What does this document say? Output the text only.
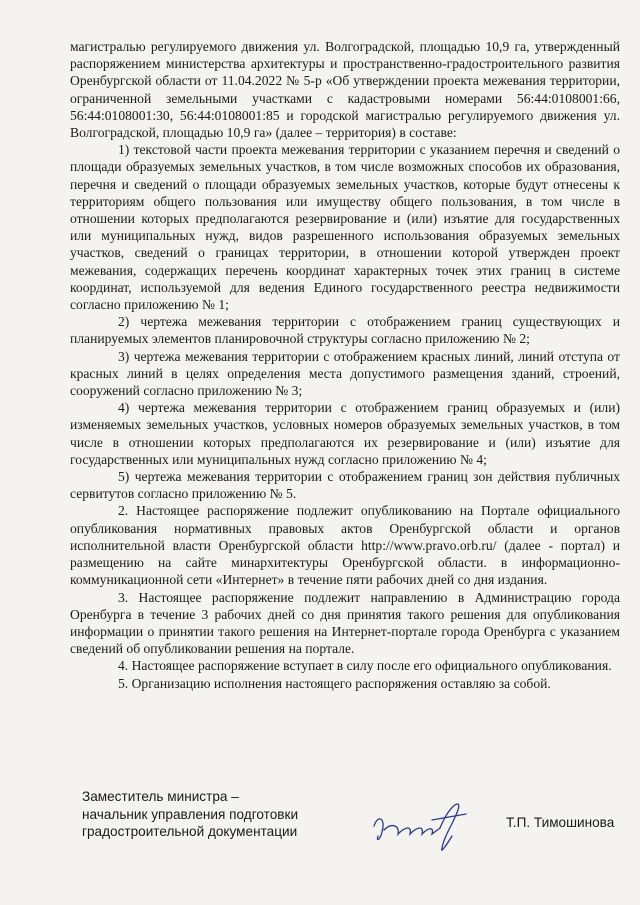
магистралью регулируемого движения ул. Волгоградской, площадью 10,9 га, утвержденный распоряжением министерства архитектуры и пространственно-градостроительного развития Оренбургской области от 11.04.2022 № 5-р «Об утверждении проекта межевания территории, ограниченной земельными участками с кадастровыми номерами 56:44:0108001:66, 56:44:0108001:30, 56:44:0108001:85 и городской магистралью регулируемого движения ул. Волгоградской, площадью 10,9 га» (далее – территория) в составе:

1) текстовой части проекта межевания территории с указанием перечня и сведений о площади образуемых земельных участков, в том числе возможных способов их образования, перечня и сведений о площади образуемых земельных участков, которые будут отнесены к территориям общего пользования или имуществу общего пользования, в том числе в отношении которых предполагаются резервирование и (или) изъятие для государственных или муниципальных нужд, видов разрешенного использования образуемых земельных участков, сведений о границах территории, в отношении которой утвержден проект межевания, содержащих перечень координат характерных точек этих границ в системе координат, используемой для ведения Единого государственного реестра недвижимости согласно приложению № 1;

2) чертежа межевания территории с отображением границ существующих и планируемых элементов планировочной структуры согласно приложению № 2;

3) чертежа межевания территории с отображением красных линий, линий отступа от красных линий в целях определения места допустимого размещения зданий, строений, сооружений согласно приложению № 3;

4) чертежа межевания территории с отображением границ образуемых и (или) изменяемых земельных участков, условных номеров образуемых земельных участков, в том числе в отношении которых предполагаются их резервирование и (или) изъятие для государственных или муниципальных нужд согласно приложению № 4;

5) чертежа межевания территории с отображением границ зон действия публичных сервитутов согласно приложению № 5.

2. Настоящее распоряжение подлежит опубликованию на Портале официального опубликования нормативных правовых актов Оренбургской области и органов исполнительной власти Оренбургской области http://www.pravo.orb.ru/ (далее - портал) и размещению на сайте минархитектуры Оренбургской области. в информационно-коммуникационной сети «Интернет» в течение пяти рабочих дней со дня издания.

3. Настоящее распоряжение подлежит направлению в Администрацию города Оренбурга в течение 3 рабочих дней со дня принятия такого решения для опубликования информации о принятии такого решения на Интернет-портале города Оренбурга с указанием сведений об опубликовании решения на портале.

4. Настоящее распоряжение вступает в силу после его официального опубликования.

5. Организацию исполнения настоящего распоряжения оставляю за собой.

Заместитель министра –
начальник управления подготовки
градостроительной документации
Т.П. Тимошинова
